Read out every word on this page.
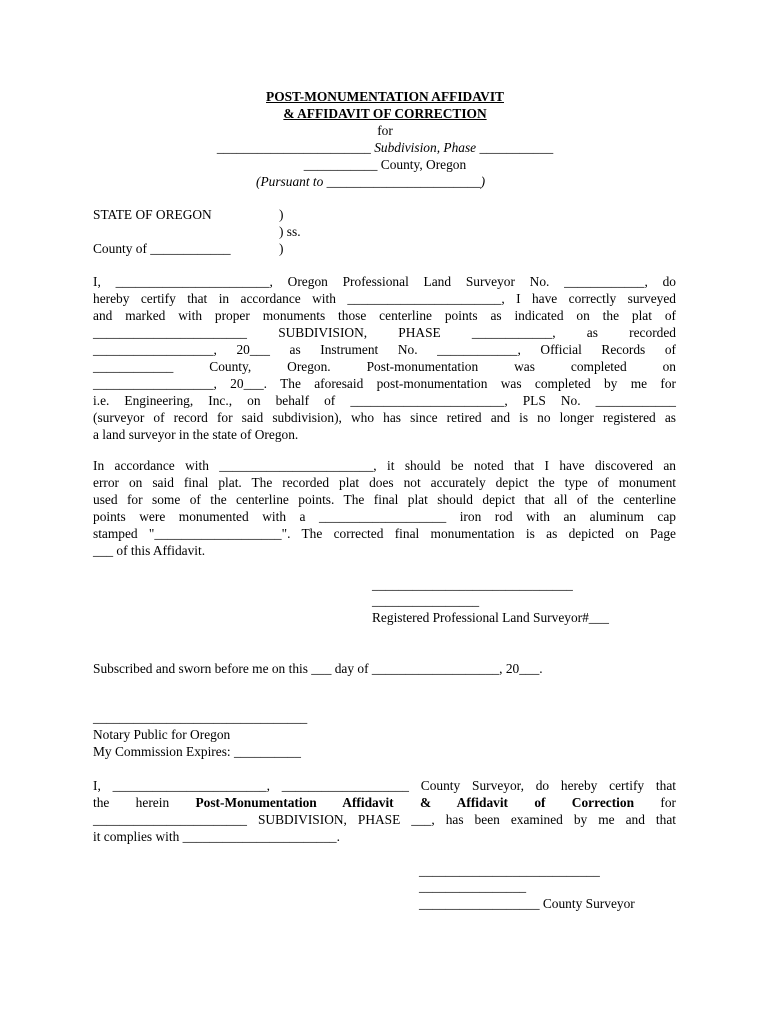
POST-MONUMENTATION AFFIDAVIT
& AFFIDAVIT OF CORRECTION
for
_______________________ Subdivision, Phase ___________
___________ County, Oregon
(Pursuant to _______________________)
STATE OF OREGON	)
) ss.
County of ____________	)
I, _______________________, Oregon Professional Land Surveyor No. ____________, do
hereby certify that in accordance with _______________________, I have correctly surveyed
and marked with proper monuments those centerline points as indicated on the plat of
_______________________ SUBDIVISION, PHASE ____________, as recorded
__________________, 20___ as Instrument No. ____________, Official Records of
____________ County, Oregon. Post-monumentation was completed on
__________________, 20___. The aforesaid post-monumentation was completed by me for
i.e. Engineering, Inc., on behalf of _______________________, PLS No. ____________
(surveyor of record for said subdivision), who has since retired and is no longer registered as
a land surveyor in the state of Oregon.
In accordance with _______________________, it should be noted that I have discovered an
error on said final plat. The recorded plat does not accurately depict the type of monument
used for some of the centerline points. The final plat should depict that all of the centerline
points were monumented with a ___________________ iron rod with an aluminum cap
stamped "___________________". The corrected final monumentation is as depicted on Page
___ of this Affidavit.
______________________________
________________
Registered Professional Land Surveyor#___
Subscribed and sworn before me on this ___ day of ___________________, 20___.
________________________________
Notary Public for Oregon
My Commission Expires: __________
I, _______________________, ___________________ County Surveyor, do hereby certify that
the herein Post-Monumentation Affidavit & Affidavit of Correction for
_______________________ SUBDIVISION, PHASE ___, has been examined by me and that
it complies with _______________________.
___________________________
________________
__________________ County Surveyor
